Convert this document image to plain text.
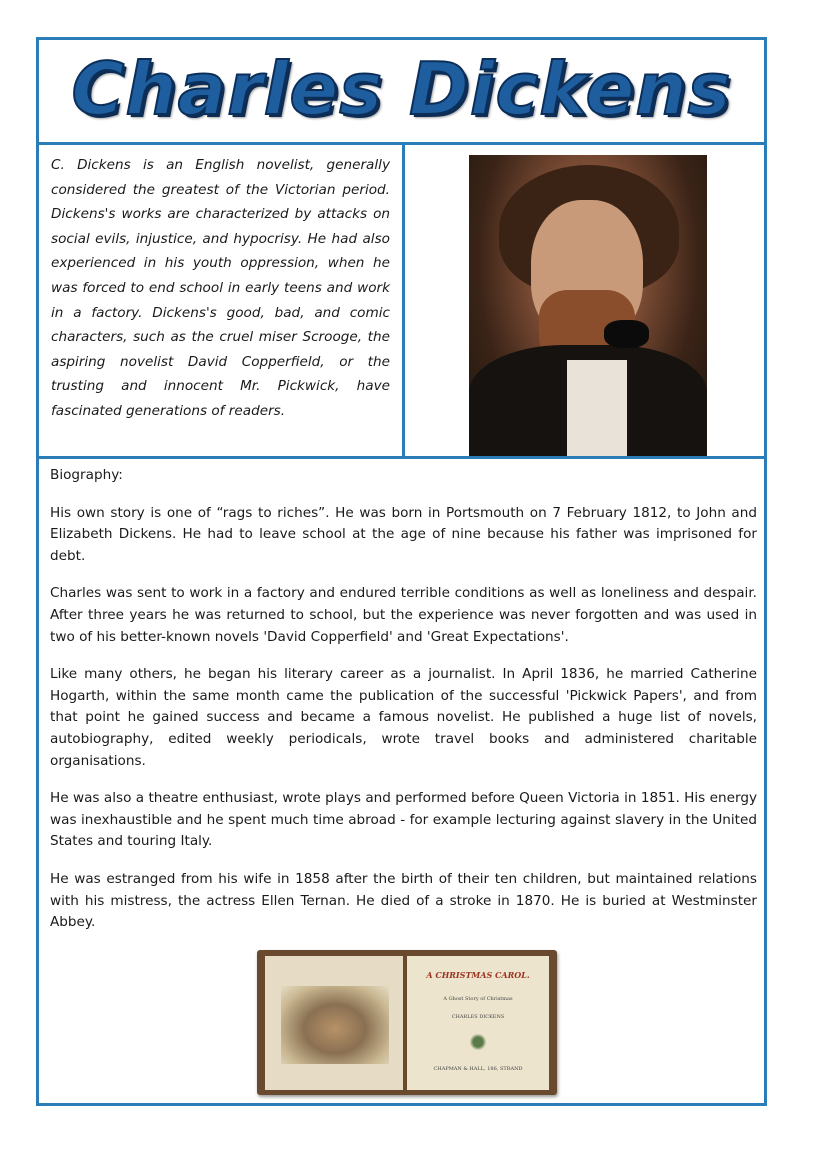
Charles Dickens
C. Dickens is an English novelist, generally considered the greatest of the Victorian period. Dickens's works are characterized by attacks on social evils, injustice, and hypocrisy. He had also experienced in his youth oppression, when he was forced to end school in early teens and work in a factory. Dickens's good, bad, and comic characters, such as the cruel miser Scrooge, the aspiring novelist David Copperfield, or the trusting and innocent Mr. Pickwick, have fascinated generations of readers.

Biography:

His own story is one of “rags to riches”. He was born in Portsmouth on 7 February 1812, to John and Elizabeth Dickens. He had to leave school at the age of nine because his father was imprisoned for debt.

Charles was sent to work in a factory and endured terrible conditions as well as loneliness and despair. After three years he was returned to school, but the experience was never forgotten and was used in two of his better-known novels 'David Copperfield' and 'Great Expectations'.

Like many others, he began his literary career as a journalist. In April 1836, he married Catherine Hogarth, within the same month came the publication of the successful 'Pickwick Papers', and from that point he gained success and became a famous novelist. He published a huge list of novels, autobiography, edited weekly periodicals, wrote travel books and administered charitable organisations.

He was also a theatre enthusiast, wrote plays and performed before Queen Victoria in 1851. His energy was inexhaustible and he spent much time abroad - for example lecturing against slavery in the United States and touring Italy.

He was estranged from his wife in 1858 after the birth of their ten children, but maintained relations with his mistress, the actress Ellen Ternan. He died of a stroke in 1870. He is buried at Westminster Abbey.

A CHRISTMAS CAROL.
A Ghost Story of Christmas
CHARLES DICKENS
CHAPMAN & HALL, 186, STRAND
